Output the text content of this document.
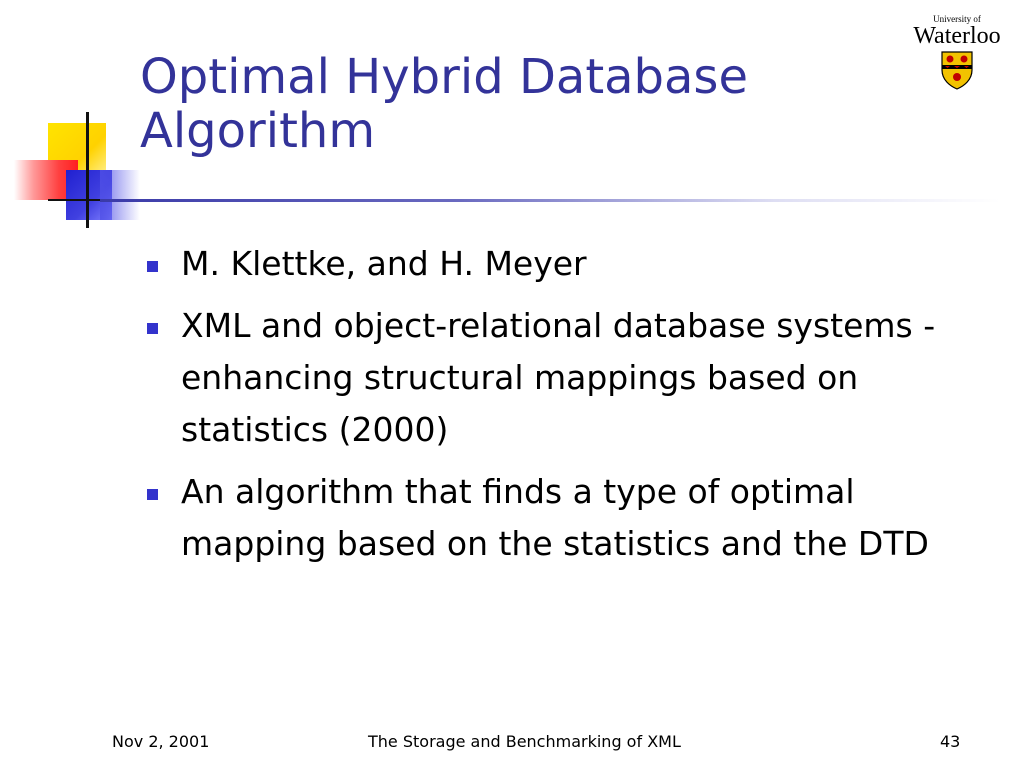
Optimal Hybrid Database
Algorithm
University of
Waterloo
M. Klettke, and H. Meyer
XML and object-relational database systems - enhancing structural mappings based on statistics (2000)
An algorithm that finds a type of optimal mapping based on the statistics and the DTD

Nov 2, 2001	The Storage and Benchmarking of XML	43
